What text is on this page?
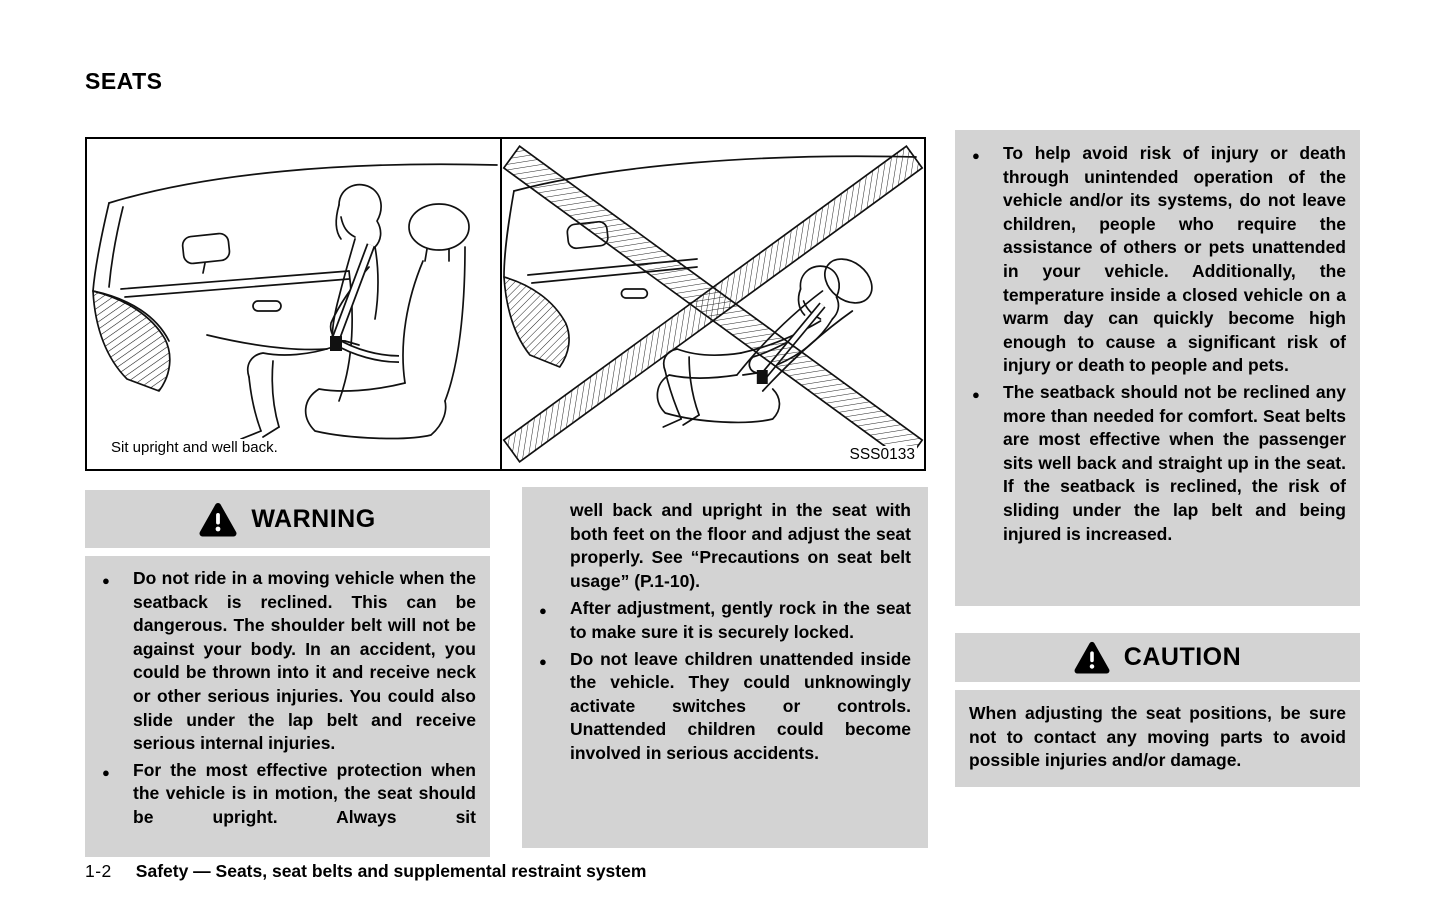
SEATS
Sit upright and well back.	SSS0133
WARNING
● Do not ride in a moving vehicle when the seatback is reclined. This can be dangerous. The shoulder belt will not be against your body. In an accident, you could be thrown into it and receive neck or other serious injuries. You could also slide under the lap belt and receive serious internal injuries.
● For the most effective protection when the vehicle is in motion, the seat should be upright. Always sit
well back and upright in the seat with both feet on the floor and adjust the seat properly. See “Precautions on seat belt usage” (P.1-10).
● After adjustment, gently rock in the seat to make sure it is securely locked.
● Do not leave children unattended inside the vehicle. They could unknowingly activate switches or controls. Unattended children could become involved in serious accidents.
● To help avoid risk of injury or death through unintended operation of the vehicle and/or its systems, do not leave children, people who require the assistance of others or pets unattended in your vehicle. Additionally, the temperature inside a closed vehicle on a warm day can quickly become high enough to cause a significant risk of injury or death to people and pets.
● The seatback should not be reclined any more than needed for comfort. Seat belts are most effective when the passenger sits well back and straight up in the seat. If the seatback is reclined, the risk of sliding under the lap belt and being injured is increased.
CAUTION
When adjusting the seat positions, be sure not to contact any moving parts to avoid possible injuries and/or damage.
1-2 Safety — Seats, seat belts and supplemental restraint system
